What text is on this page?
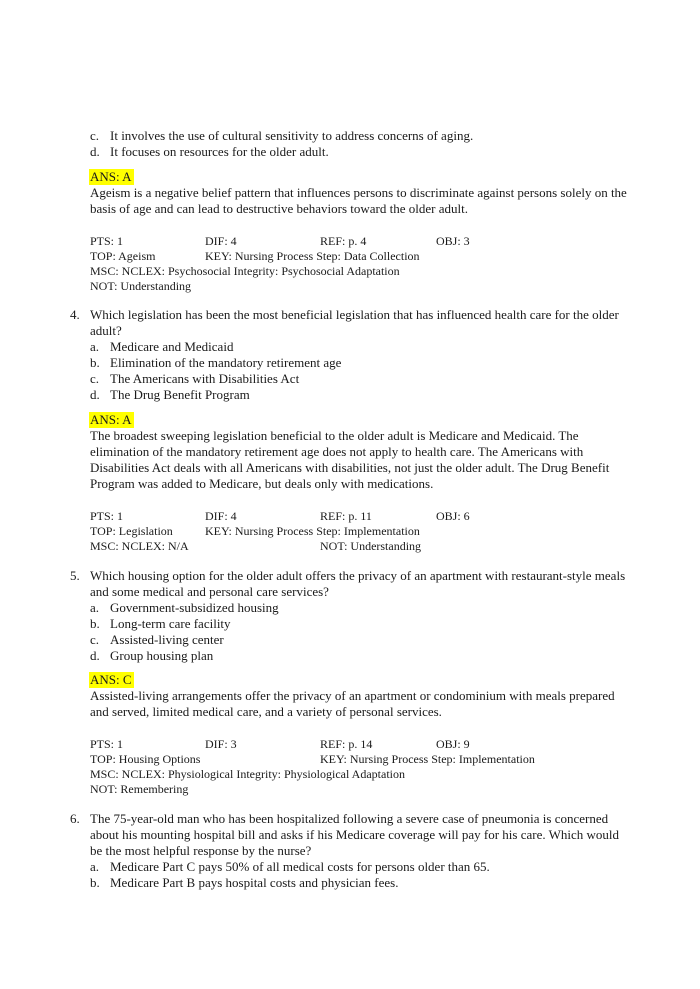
c. It involves the use of cultural sensitivity to address concerns of aging.
d. It focuses on resources for the older adult.
ANS: A
Ageism is a negative belief pattern that influences persons to discriminate against persons solely on the
basis of age and can lead to destructive behaviors toward the older adult.
PTS: 1	DIF: 4	REF: p. 4	OBJ: 3
TOP: Ageism	KEY: Nursing Process Step: Data Collection
MSC: NCLEX: Psychosocial Integrity: Psychosocial Adaptation
NOT: Understanding
4. Which legislation has been the most beneficial legislation that has influenced health care for the older
adult?
a. Medicare and Medicaid
b. Elimination of the mandatory retirement age
c. The Americans with Disabilities Act
d. The Drug Benefit Program
ANS: A
The broadest sweeping legislation beneficial to the older adult is Medicare and Medicaid. The
elimination of the mandatory retirement age does not apply to health care. The Americans with
Disabilities Act deals with all Americans with disabilities, not just the older adult. The Drug Benefit
Program was added to Medicare, but deals only with medications.
PTS: 1	DIF: 4	REF: p. 11	OBJ: 6
TOP: Legislation	KEY: Nursing Process Step: Implementation
MSC: NCLEX: N/A	NOT: Understanding
5. Which housing option for the older adult offers the privacy of an apartment with restaurant-style meals
and some medical and personal care services?
a. Government-subsidized housing
b. Long-term care facility
c. Assisted-living center
d. Group housing plan
ANS: C
Assisted-living arrangements offer the privacy of an apartment or condominium with meals prepared
and served, limited medical care, and a variety of personal services.
PTS: 1	DIF: 3	REF: p. 14	OBJ: 9
TOP: Housing Options	KEY: Nursing Process Step: Implementation
MSC: NCLEX: Physiological Integrity: Physiological Adaptation
NOT: Remembering
6. The 75-year-old man who has been hospitalized following a severe case of pneumonia is concerned
about his mounting hospital bill and asks if his Medicare coverage will pay for his care. Which would
be the most helpful response by the nurse?
a. Medicare Part C pays 50% of all medical costs for persons older than 65.
b. Medicare Part B pays hospital costs and physician fees.
